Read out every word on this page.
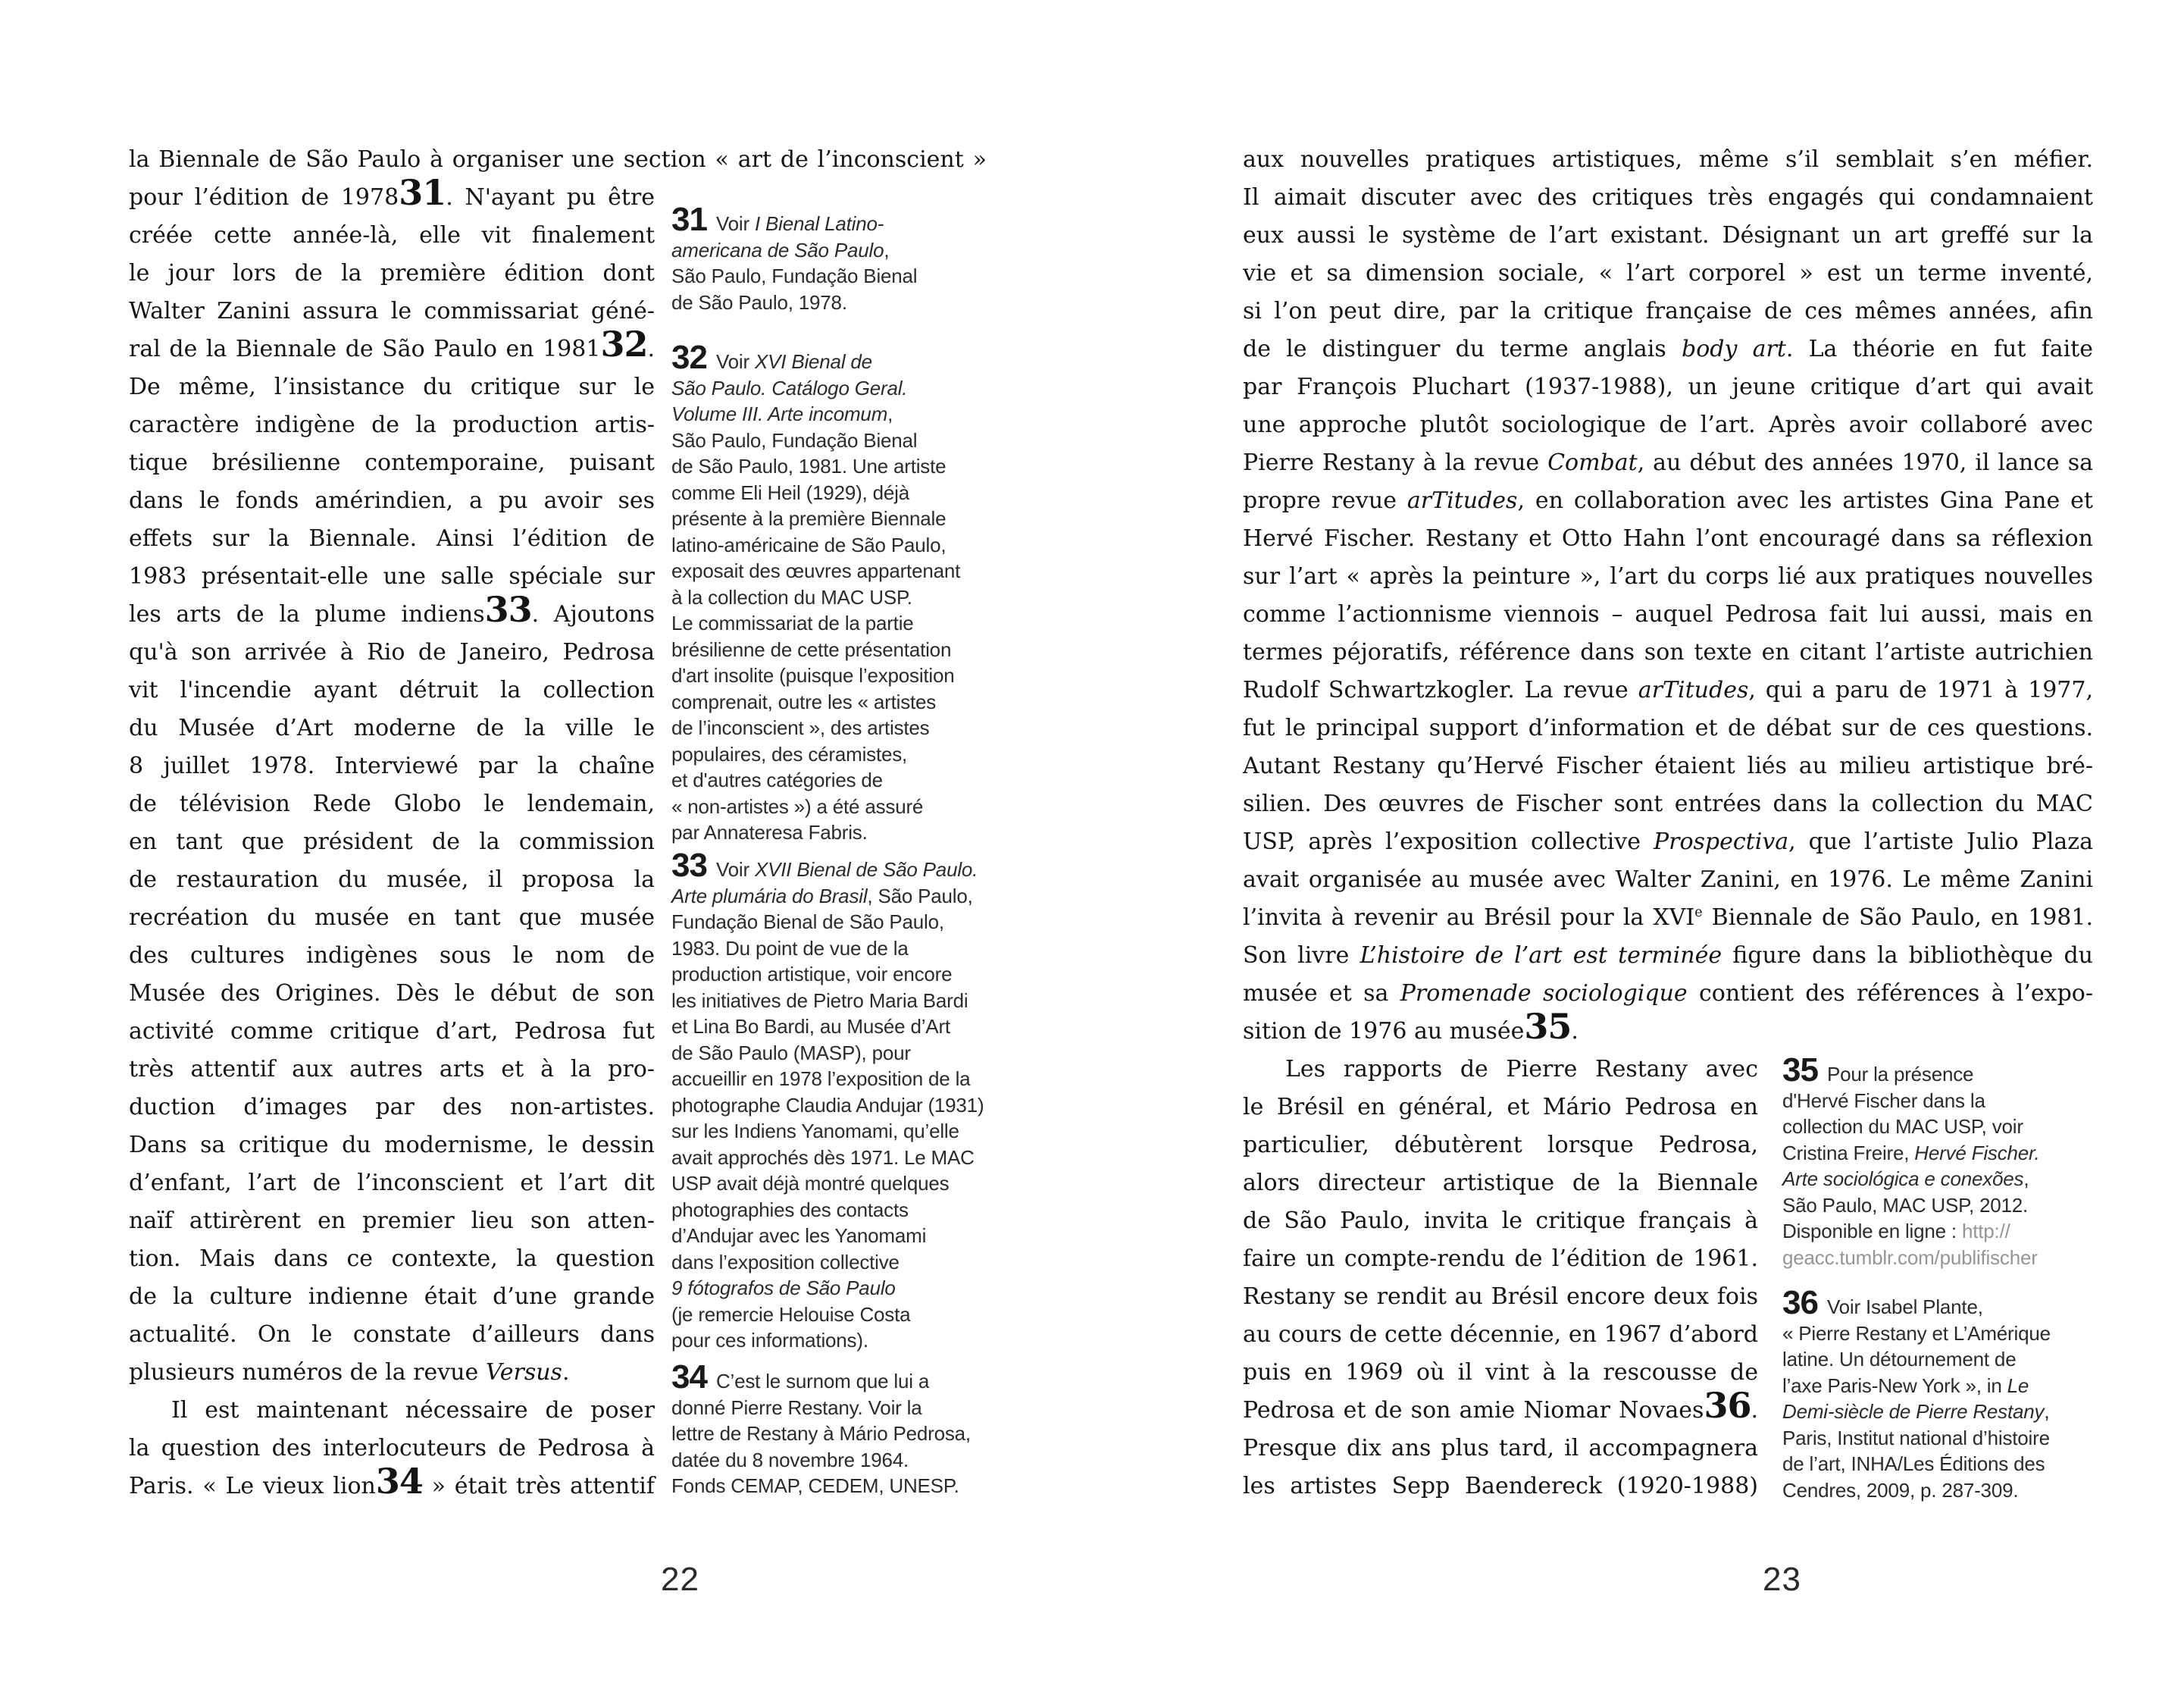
la Biennale de São Paulo à organiser une section « art de l’inconscient »
pour l’édition de 197831. N'ayant pu être
créée cette année-là, elle vit finalement
le jour lors de la première édition dont
Walter Zanini assura le commissariat géné-
ral de la Biennale de São Paulo en 198132.
De même, l’insistance du critique sur le
caractère indigène de la production artis-
tique brésilienne contemporaine, puisant
dans le fonds amérindien, a pu avoir ses
effets sur la Biennale. Ainsi l’édition de
1983 présentait-elle une salle spéciale sur
les arts de la plume indiens33. Ajoutons
qu'à son arrivée à Rio de Janeiro, Pedrosa
vit l'incendie ayant détruit la collection
du Musée d’Art moderne de la ville le
8 juillet 1978. Interviewé par la chaîne
de télévision Rede Globo le lendemain,
en tant que président de la commission
de restauration du musée, il proposa la
recréation du musée en tant que musée
des cultures indigènes sous le nom de
Musée des Origines. Dès le début de son
activité comme critique d’art, Pedrosa fut
très attentif aux autres arts et à la pro-
duction d’images par des non-artistes.
Dans sa critique du modernisme, le dessin
d’enfant, l’art de l’inconscient et l’art dit
naïf attirèrent en premier lieu son atten-
tion. Mais dans ce contexte, la question
de la culture indienne était d’une grande
actualité. On le constate d’ailleurs dans
plusieurs numéros de la revue Versus.
Il est maintenant nécessaire de poser
la question des interlocuteurs de Pedrosa à
Paris. « Le vieux lion34 » était très attentif
31 Voir I Bienal Latino-
americana de São Paulo,
São Paulo, Fundação Bienal
de São Paulo, 1978.
32 Voir XVI Bienal de
São Paulo. Catálogo Geral.
Volume III. Arte incomum,
São Paulo, Fundação Bienal
de São Paulo, 1981. Une artiste
comme Eli Heil (1929), déjà
présente à la première Biennale
latino-américaine de São Paulo,
exposait des œuvres appartenant
à la collection du MAC USP.
Le commissariat de la partie
brésilienne de cette présentation
d'art insolite (puisque l’exposition
comprenait, outre les « artistes
de l’inconscient », des artistes
populaires, des céramistes,
et d'autres catégories de
« non-artistes ») a été assuré
par Annateresa Fabris.
33 Voir XVII Bienal de São Paulo.
Arte plumária do Brasil, São Paulo,
Fundação Bienal de São Paulo,
1983. Du point de vue de la
production artistique, voir encore
les initiatives de Pietro Maria Bardi
et Lina Bo Bardi, au Musée d’Art
de São Paulo (MASP), pour
accueillir en 1978 l’exposition de la
photographe Claudia Andujar (1931)
sur les Indiens Yanomami, qu’elle
avait approchés dès 1971. Le MAC
USP avait déjà montré quelques
photographies des contacts
d’Andujar avec les Yanomami
dans l’exposition collective
9 fótografos de São Paulo
(je remercie Helouise Costa
pour ces informations).
34 C’est le surnom que lui a
donné Pierre Restany. Voir la
lettre de Restany à Mário Pedrosa,
datée du 8 novembre 1964.
Fonds CEMAP, CEDEM, UNESP.
aux nouvelles pratiques artistiques, même s’il semblait s’en méfier.
Il aimait discuter avec des critiques très engagés qui condamnaient
eux aussi le système de l’art existant. Désignant un art greffé sur la
vie et sa dimension sociale, « l’art corporel » est un terme inventé,
si l’on peut dire, par la critique française de ces mêmes années, afin
de le distinguer du terme anglais body art. La théorie en fut faite
par François Pluchart (1937-1988), un jeune critique d’art qui avait
une approche plutôt sociologique de l’art. Après avoir collaboré avec
Pierre Restany à la revue Combat, au début des années 1970, il lance sa
propre revue arTitudes, en collaboration avec les artistes Gina Pane et
Hervé Fischer. Restany et Otto Hahn l’ont encouragé dans sa réflexion
sur l’art « après la peinture », l’art du corps lié aux pratiques nouvelles
comme l’actionnisme viennois – auquel Pedrosa fait lui aussi, mais en
termes péjoratifs, référence dans son texte en citant l’artiste autrichien
Rudolf Schwartzkogler. La revue arTitudes, qui a paru de 1971 à 1977,
fut le principal support d’information et de débat sur de ces questions.
Autant Restany qu’Hervé Fischer étaient liés au milieu artistique bré-
silien. Des œuvres de Fischer sont entrées dans la collection du MAC
USP, après l’exposition collective Prospectiva, que l’artiste Julio Plaza
avait organisée au musée avec Walter Zanini, en 1976. Le même Zanini
l’invita à revenir au Brésil pour la XVIe Biennale de São Paulo, en 1981.
Son livre L’histoire de l’art est terminée figure dans la bibliothèque du
musée et sa Promenade sociologique contient des références à l’expo-
sition de 1976 au musée35.
Les rapports de Pierre Restany avec
le Brésil en général, et Mário Pedrosa en
particulier, débutèrent lorsque Pedrosa,
alors directeur artistique de la Biennale
de São Paulo, invita le critique français à
faire un compte-rendu de l’édition de 1961.
Restany se rendit au Brésil encore deux fois
au cours de cette décennie, en 1967 d’abord
puis en 1969 où il vint à la rescousse de
Pedrosa et de son amie Niomar Novaes36.
Presque dix ans plus tard, il accompagnera
les artistes Sepp Baendereck (1920-1988)
35 Pour la présence
d'Hervé Fischer dans la
collection du MAC USP, voir
Cristina Freire, Hervé Fischer.
Arte sociológica e conexões,
São Paulo, MAC USP, 2012.
Disponible en ligne : http://
geacc.tumblr.com/publifischer
36 Voir Isabel Plante,
« Pierre Restany et L’Amérique
latine. Un détournement de
l’axe Paris-New York », in Le
Demi-siècle de Pierre Restany,
Paris, Institut national d’histoire
de l’art, INHA/Les Éditions des
Cendres, 2009, p. 287-309.
22	23
